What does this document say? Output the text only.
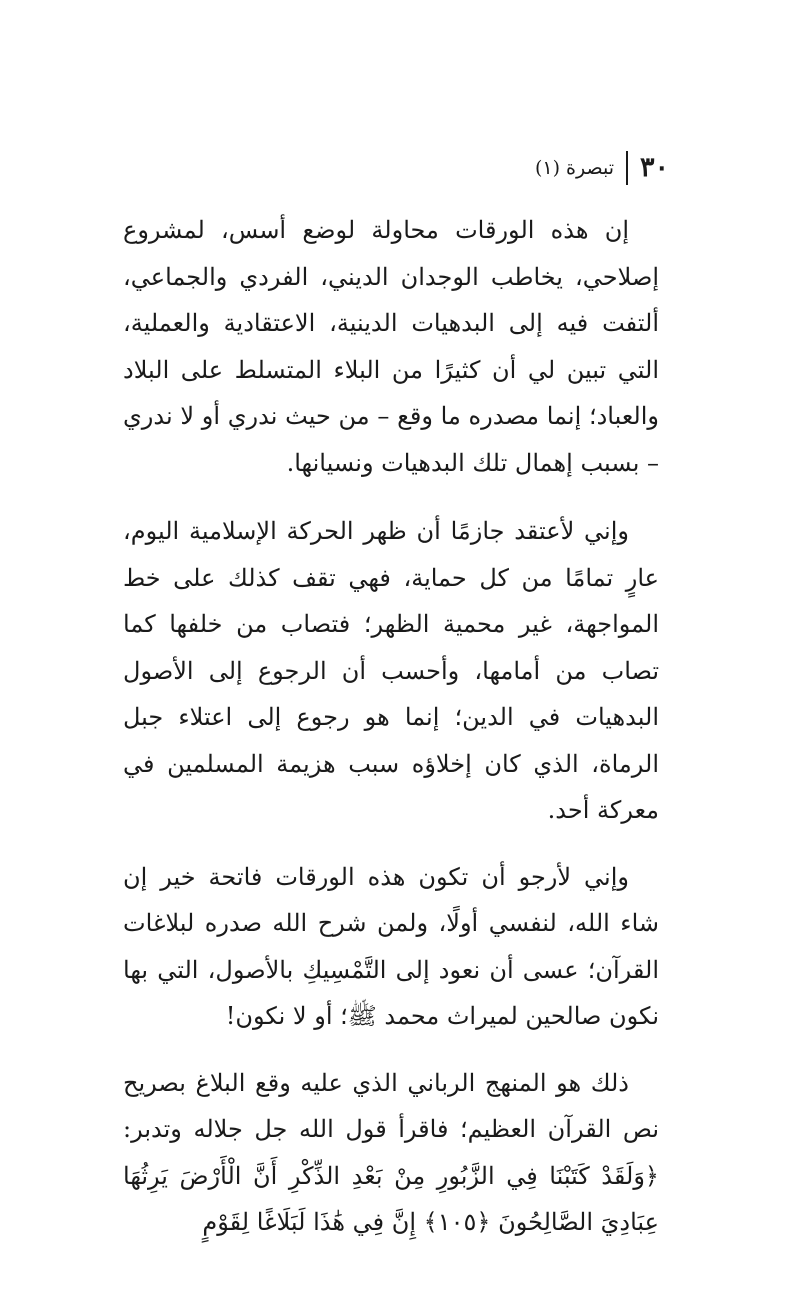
٣٠
تبصرة (١)

إن هذه الورقات محاولة لوضع أسس، لمشروع إصلاحي، يخاطب الوجدان الديني، الفردي والجماعي، ألتفت فيه إلى البدهيات الدينية، الاعتقادية والعملية، التي تبين لي أن كثيرًا من البلاء المتسلط على البلاد والعباد؛ إنما مصدره ما وقع – من حيث ندري أو لا ندري – بسبب إهمال تلك البدهيات ونسيانها.

وإني لأعتقد جازمًا أن ظهر الحركة الإسلامية اليوم، عارٍ تمامًا من كل حماية، فهي تقف كذلك على خط المواجهة، غير محمية الظهر؛ فتصاب من خلفها كما تصاب من أمامها، وأحسب أن الرجوع إلى الأصول البدهيات في الدين؛ إنما هو رجوع إلى اعتلاء جبل الرماة، الذي كان إخلاؤه سبب هزيمة المسلمين في معركة أحد.

وإني لأرجو أن تكون هذه الورقات فاتحة خير إن شاء الله، لنفسي أولًا، ولمن شرح الله صدره لبلاغات القرآن؛ عسى أن نعود إلى التَّمْسِيكِ بالأصول، التي بها نكون صالحين لميراث محمد ﷺ؛ أو لا نكون!

ذلك هو المنهج الرباني الذي عليه وقع البلاغ بصريح نص القرآن العظيم؛ فاقرأ قول الله جل جلاله وتدبر: ﴿وَلَقَدْ كَتَبْنَا فِي الزَّبُورِ مِنْ بَعْدِ الذِّكْرِ أَنَّ الْأَرْضَ يَرِثُهَا عِبَادِيَ الصَّالِحُونَ ﴿١٠٥﴾ إِنَّ فِي هَٰذَا لَبَلَاغًا لِقَوْمٍ
